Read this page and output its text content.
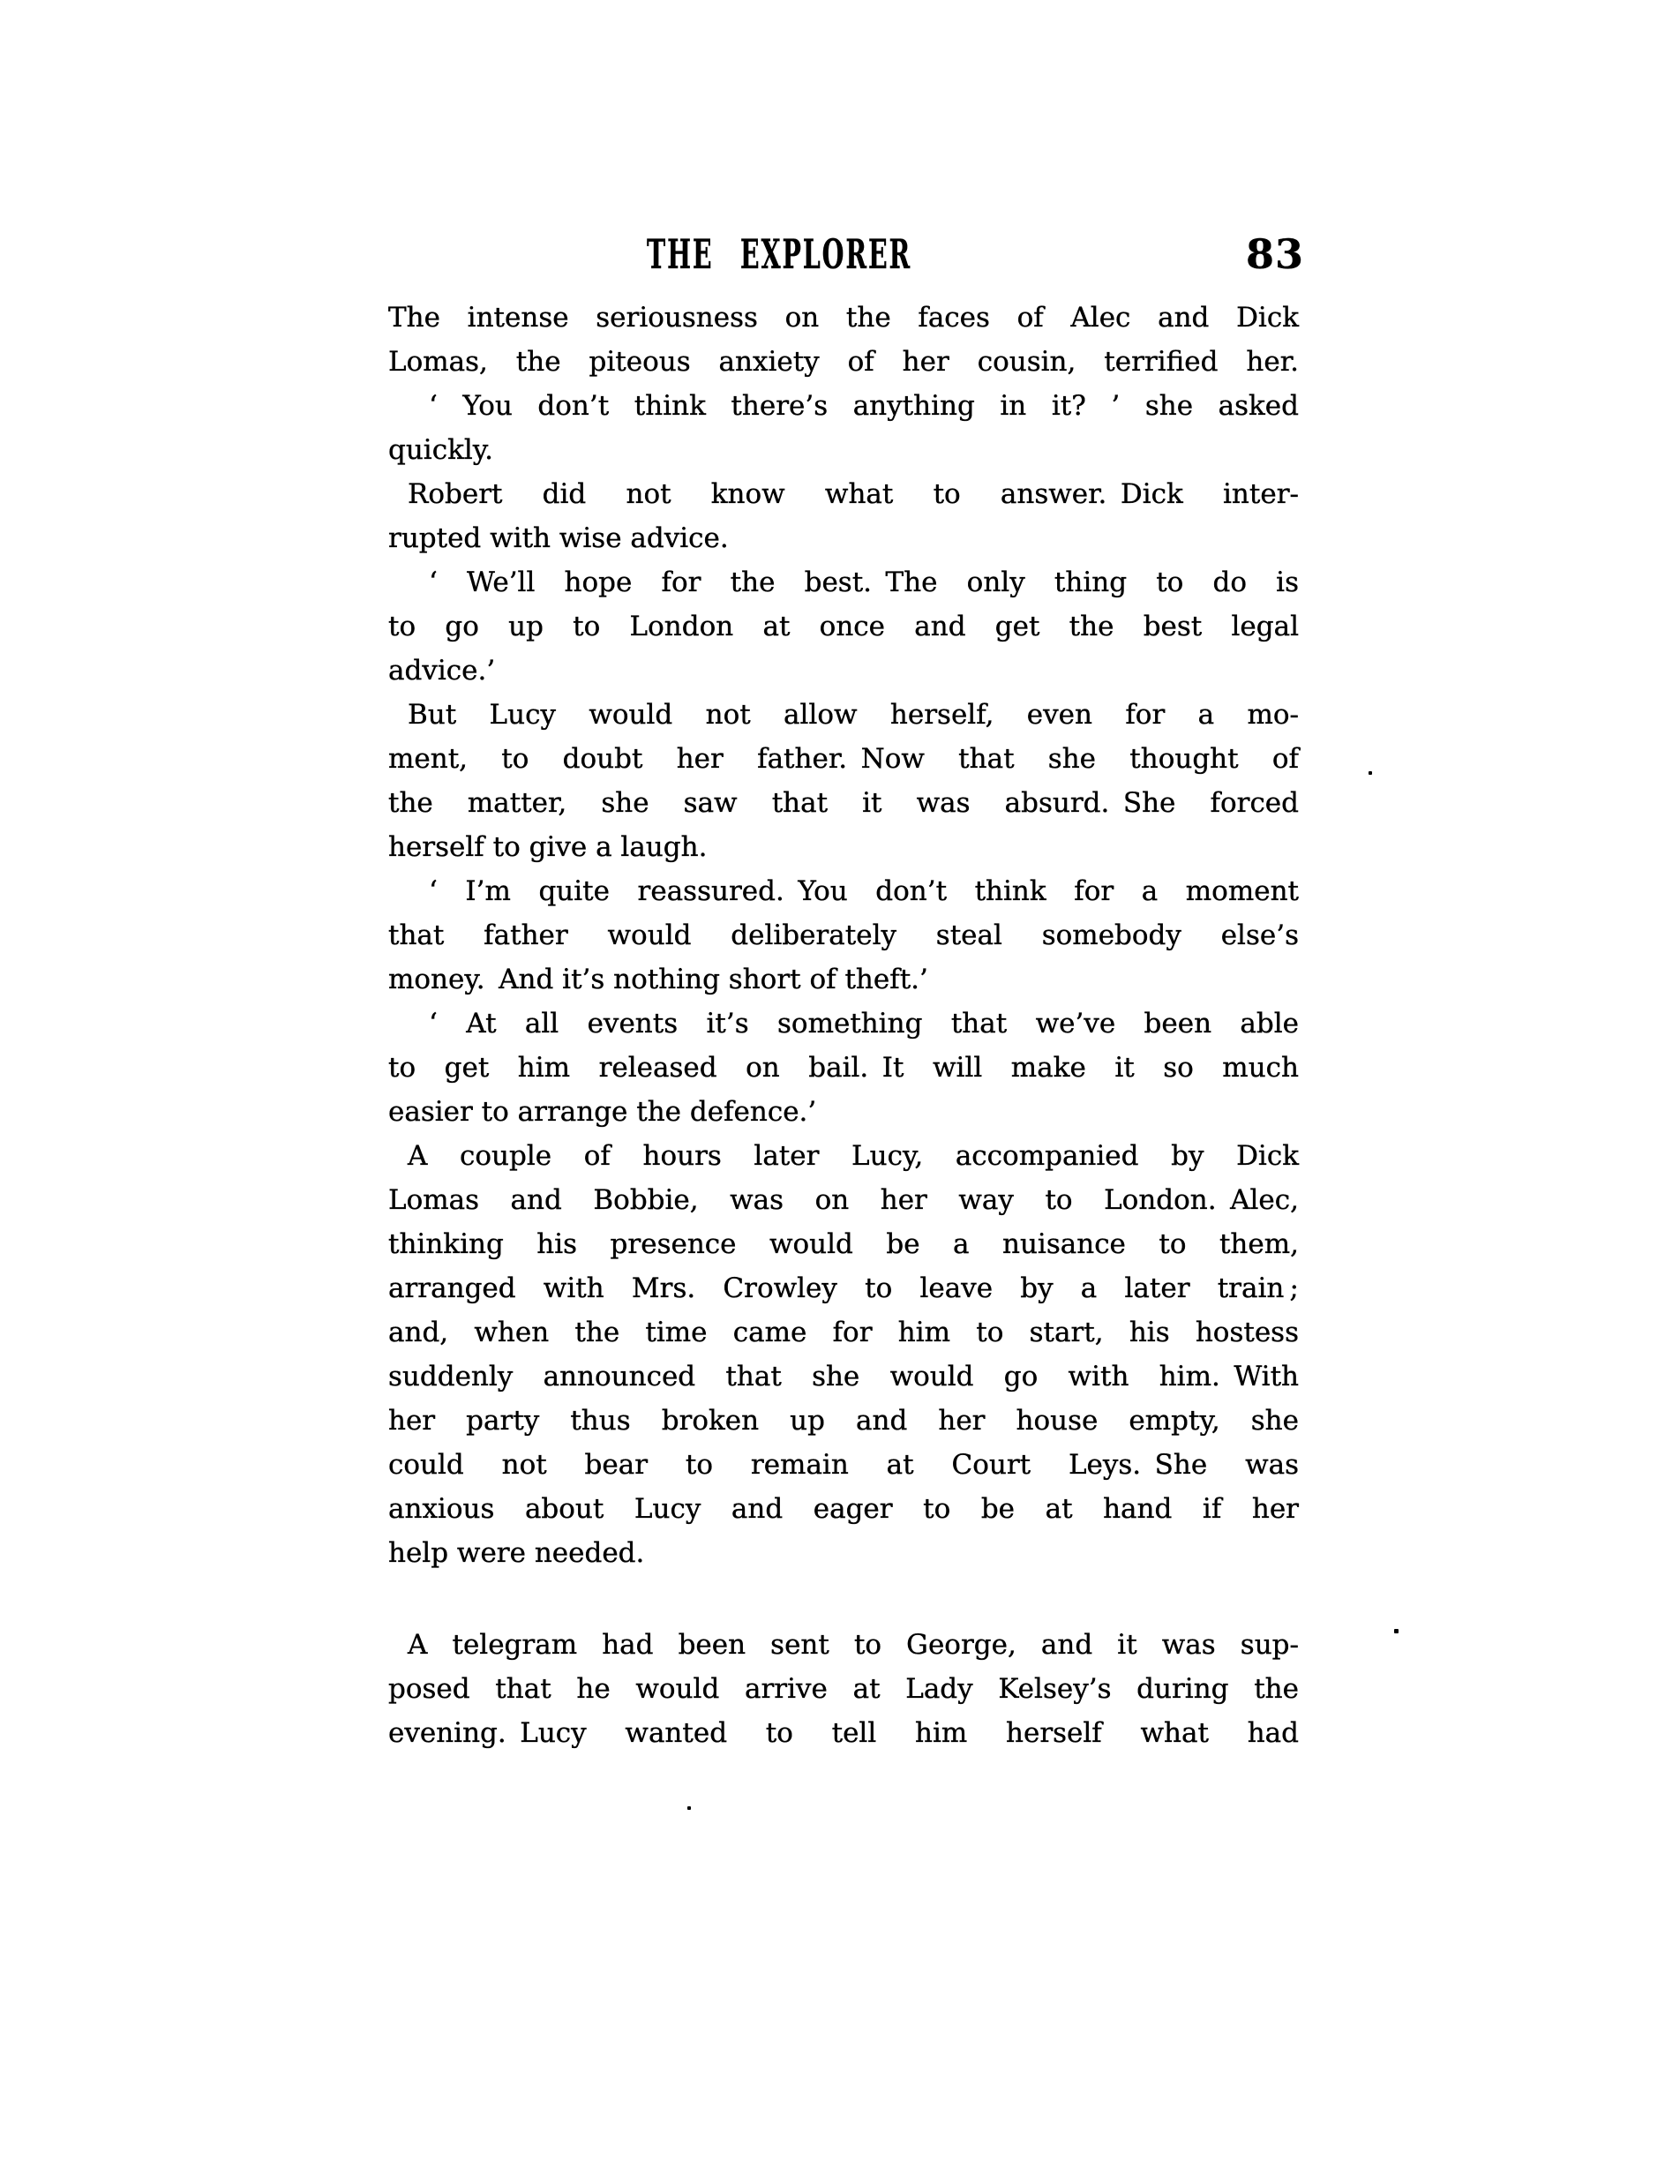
THE EXPLORER	83
The intense seriousness on the faces of Alec and Dick
Lomas, the piteous anxiety of her cousin, terrified her.
‘ You don’t think there’s anything in it? ’ she asked
quickly.
Robert did not know what to answer. Dick inter-
rupted with wise advice.
‘ We’ll hope for the best. The only thing to do is
to go up to London at once and get the best legal
advice.’
But Lucy would not allow herself, even for a mo-
ment, to doubt her father. Now that she thought of
the matter, she saw that it was absurd. She forced
herself to give a laugh.
‘ I’m quite reassured. You don’t think for a moment
that father would deliberately steal somebody else’s
money. And it’s nothing short of theft.’
‘ At all events it’s something that we’ve been able
to get him released on bail. It will make it so much
easier to arrange the defence.’
A couple of hours later Lucy, accompanied by Dick
Lomas and Bobbie, was on her way to London. Alec,
thinking his presence would be a nuisance to them,
arranged with Mrs. Crowley to leave by a later train ;
and, when the time came for him to start, his hostess
suddenly announced that she would go with him. With
her party thus broken up and her house empty, she
could not bear to remain at Court Leys. She was
anxious about Lucy and eager to be at hand if her
help were needed.
A telegram had been sent to George, and it was sup-
posed that he would arrive at Lady Kelsey’s during the
evening. Lucy wanted to tell him herself what had
